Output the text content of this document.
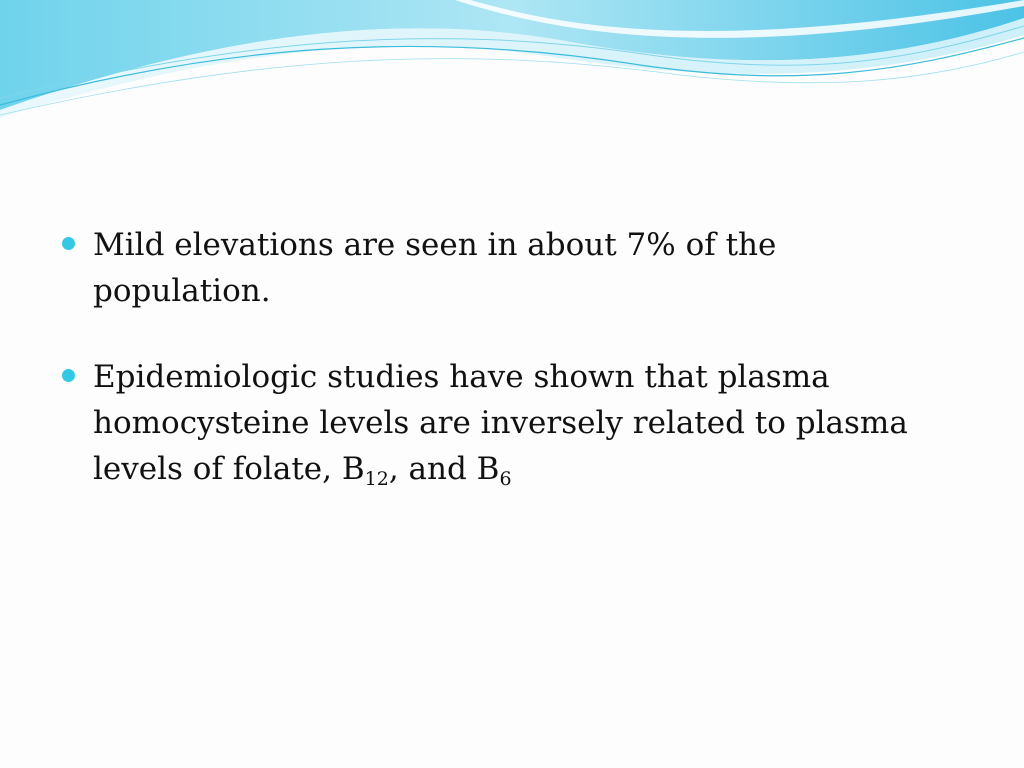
Mild elevations are seen in about 7% of the population.
Epidemiologic studies have shown that plasma homocysteine levels are inversely related to plasma levels of folate, $B_{12}$, and $B_6$
